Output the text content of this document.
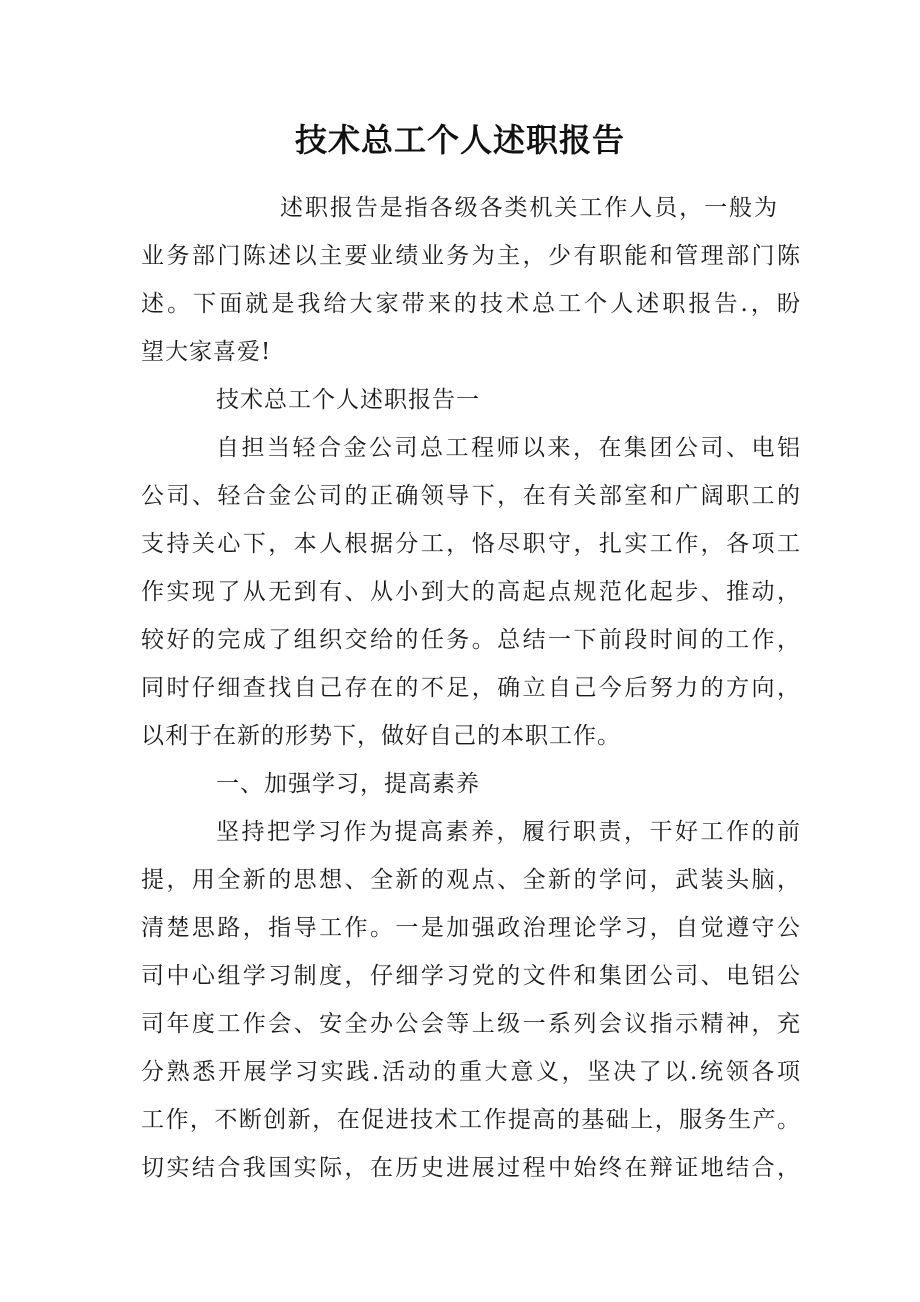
技术总工个人述职报告
述职报告是指各级各类机关工作人员，一般为
业务部门陈述以主要业绩业务为主，少有职能和管理部门陈
述。下面就是我给大家带来的技术总工个人述职报告.，盼
望大家喜爱!
技术总工个人述职报告一
自担当轻合金公司总工程师以来，在集团公司、电铝
公司、轻合金公司的正确领导下，在有关部室和广阔职工的
支持关心下，本人根据分工，恪尽职守，扎实工作，各项工
作实现了从无到有、从小到大的高起点规范化起步、推动，
较好的完成了组织交给的任务。总结一下前段时间的工作，
同时仔细查找自己存在的不足，确立自己今后努力的方向，
以利于在新的形势下，做好自己的本职工作。
一、加强学习，提高素养
坚持把学习作为提高素养，履行职责，干好工作的前
提，用全新的思想、全新的观点、全新的学问，武装头脑，
清楚思路，指导工作。一是加强政治理论学习，自觉遵守公
司中心组学习制度，仔细学习党的文件和集团公司、电铝公
司年度工作会、安全办公会等上级一系列会议指示精神，充
分熟悉开展学习实践.活动的重大意义，坚决了以.统领各项
工作，不断创新，在促进技术工作提高的基础上，服务生产。
切实结合我国实际，在历史进展过程中始终在辩证地结合，
